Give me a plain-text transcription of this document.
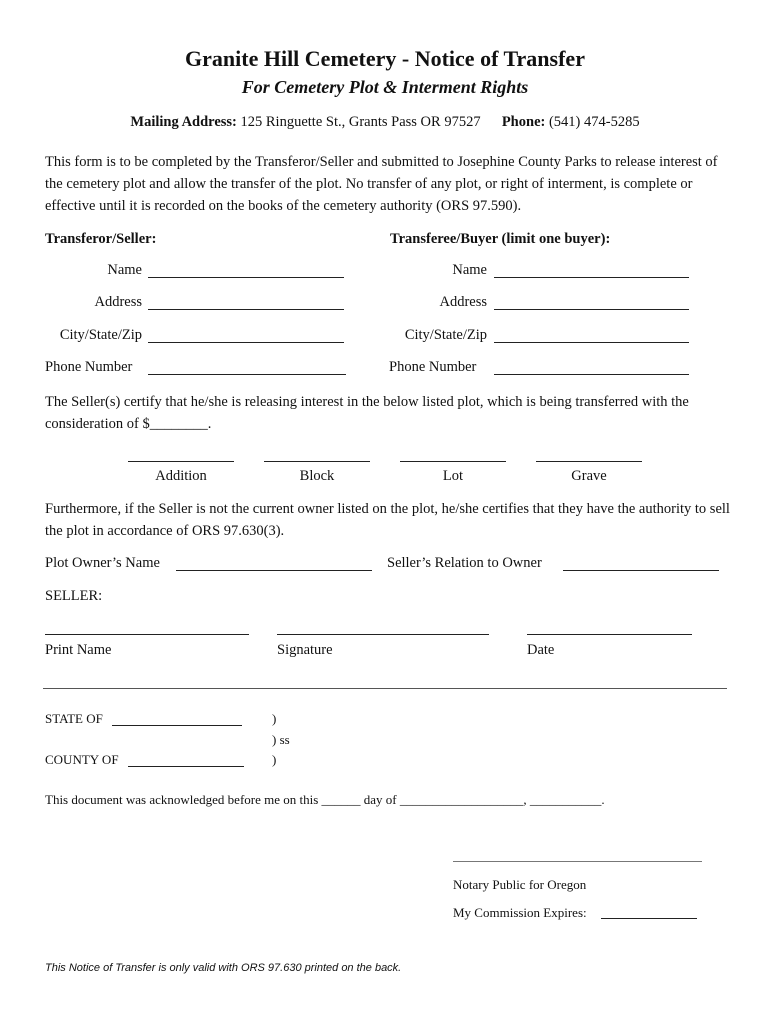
Granite Hill Cemetery - Notice of Transfer
For Cemetery Plot & Interment Rights
Mailing Address: 125 Ringuette St., Grants Pass OR 97527 Phone: (541) 474-5285
This form is to be completed by the Transferor/Seller and submitted to Josephine County Parks to release interest of the cemetery plot and allow the transfer of the plot. No transfer of any plot, or right of interment, is complete or effective until it is recorded on the books of the cemetery authority (ORS 97.590).
Transferor/Seller:	Transferee/Buyer (limit one buyer):
Name
Address
City/State/Zip
Phone Number
Name
Address
City/State/Zip
Phone Number
The Seller(s) certify that he/she is releasing interest in the below listed plot, which is being transferred with the consideration of $________.
Addition	Block	Lot	Grave
Furthermore, if the Seller is not the current owner listed on the plot, he/she certifies that they have the authority to sell the plot in accordance of ORS 97.630(3).
Plot Owner’s Name	Seller’s Relation to Owner
SELLER:
Print Name	Signature	Date
STATE OF	)
) ss
COUNTY OF	)
This document was acknowledged before me on this ______ day of ___________________, ___________.
Notary Public for Oregon
My Commission Expires:
This Notice of Transfer is only valid with ORS 97.630 printed on the back.
